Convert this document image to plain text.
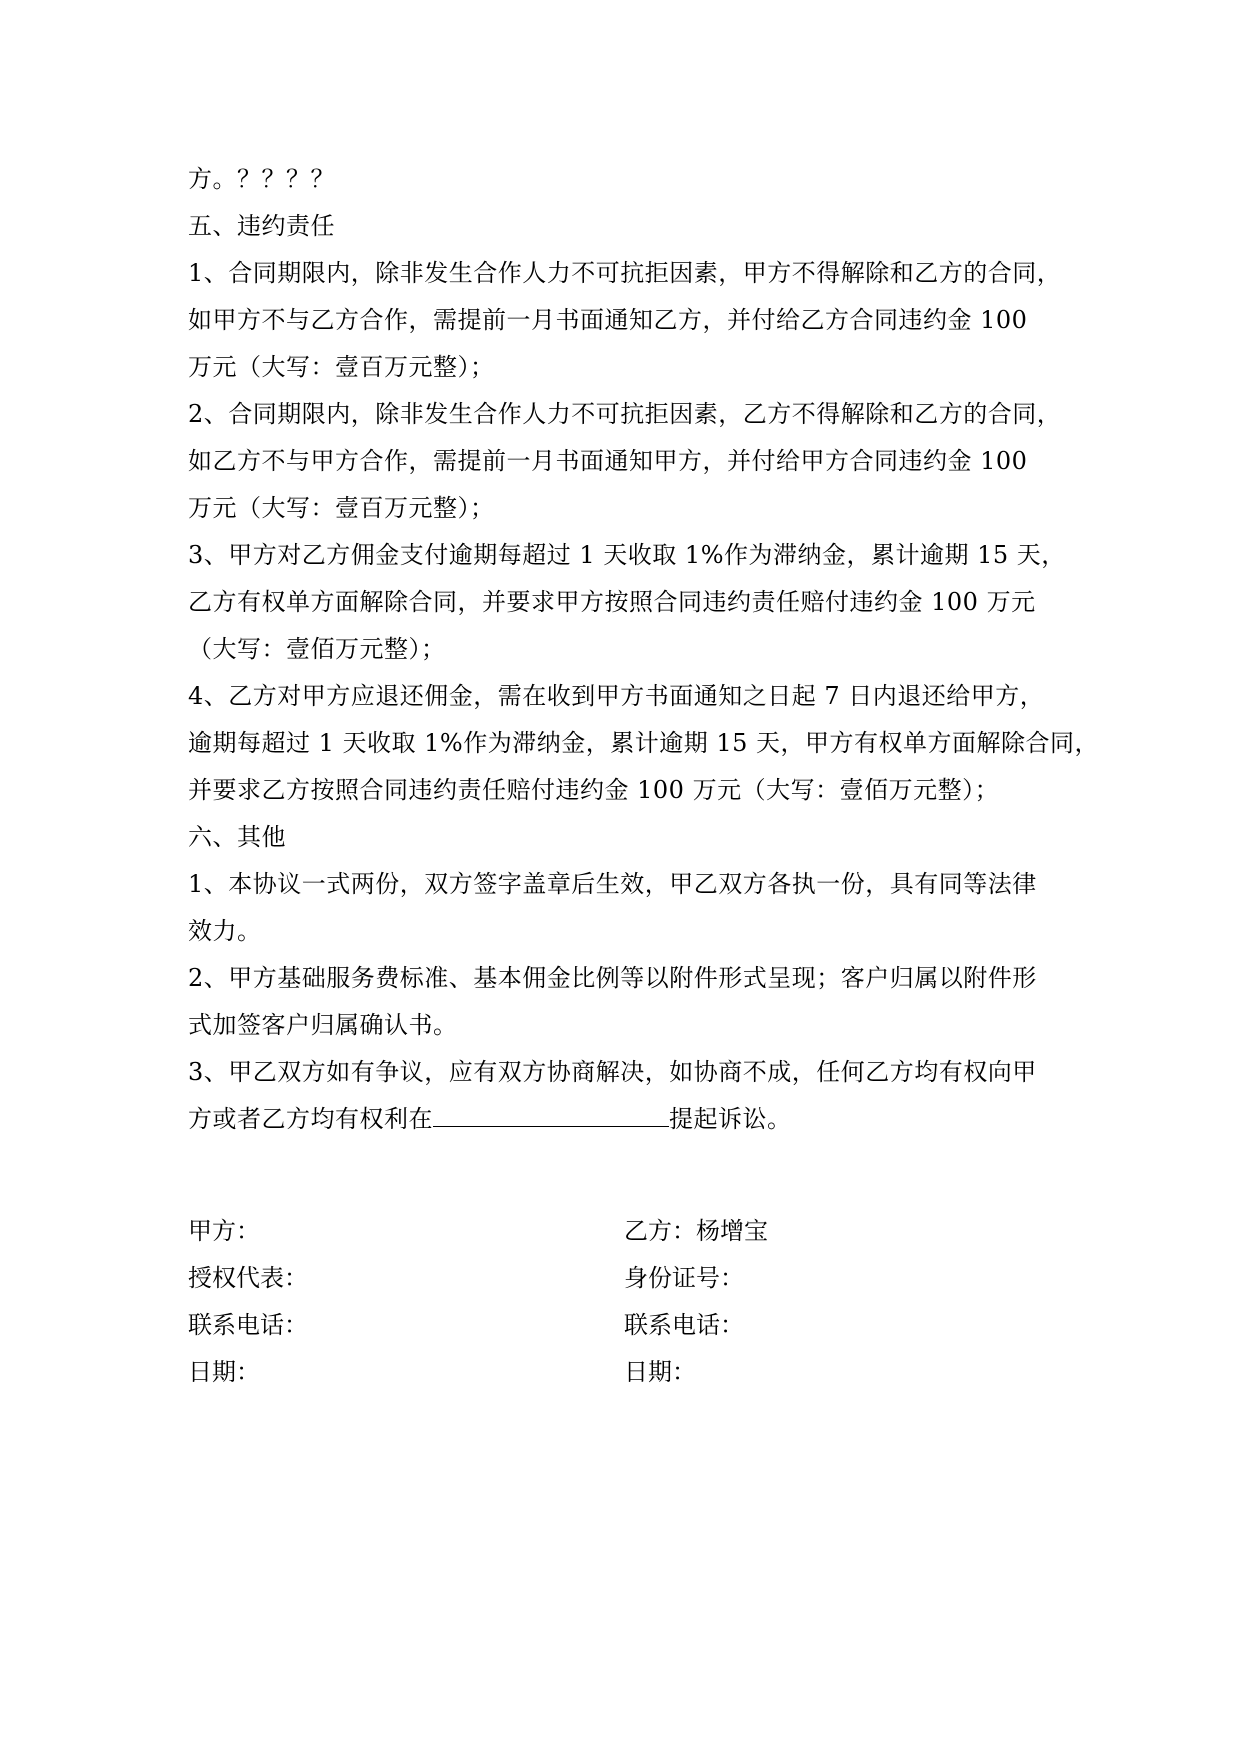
方。？？？？
五、违约责任
1、合同期限内，除非发生合作人力不可抗拒因素，甲方不得解除和乙方的合同，
如甲方不与乙方合作，需提前一月书面通知乙方，并付给乙方合同违约金 100
万元（大写：壹百万元整）；
2、合同期限内，除非发生合作人力不可抗拒因素，乙方不得解除和乙方的合同，
如乙方不与甲方合作，需提前一月书面通知甲方，并付给甲方合同违约金 100
万元（大写：壹百万元整）；
3、甲方对乙方佣金支付逾期每超过 1 天收取 1%作为滞纳金，累计逾期 15 天，
乙方有权单方面解除合同，并要求甲方按照合同违约责任赔付违约金 100 万元
（大写：壹佰万元整）；
4、乙方对甲方应退还佣金，需在收到甲方书面通知之日起 7 日内退还给甲方，
逾期每超过 1 天收取 1%作为滞纳金，累计逾期 15 天，甲方有权单方面解除合同，
并要求乙方按照合同违约责任赔付违约金 100 万元（大写：壹佰万元整）；
六、其他
1、本协议一式两份，双方签字盖章后生效，甲乙双方各执一份，具有同等法律
效力。
2、甲方基础服务费标准、基本佣金比例等以附件形式呈现；客户归属以附件形
式加签客户归属确认书。
3、甲乙双方如有争议，应有双方协商解决，如协商不成，任何乙方均有权向甲
方或者乙方均有权利在	提起诉讼。
甲方：	乙方：杨增宝
授权代表：	身份证号：
联系电话：	联系电话：
日期：	日期：
